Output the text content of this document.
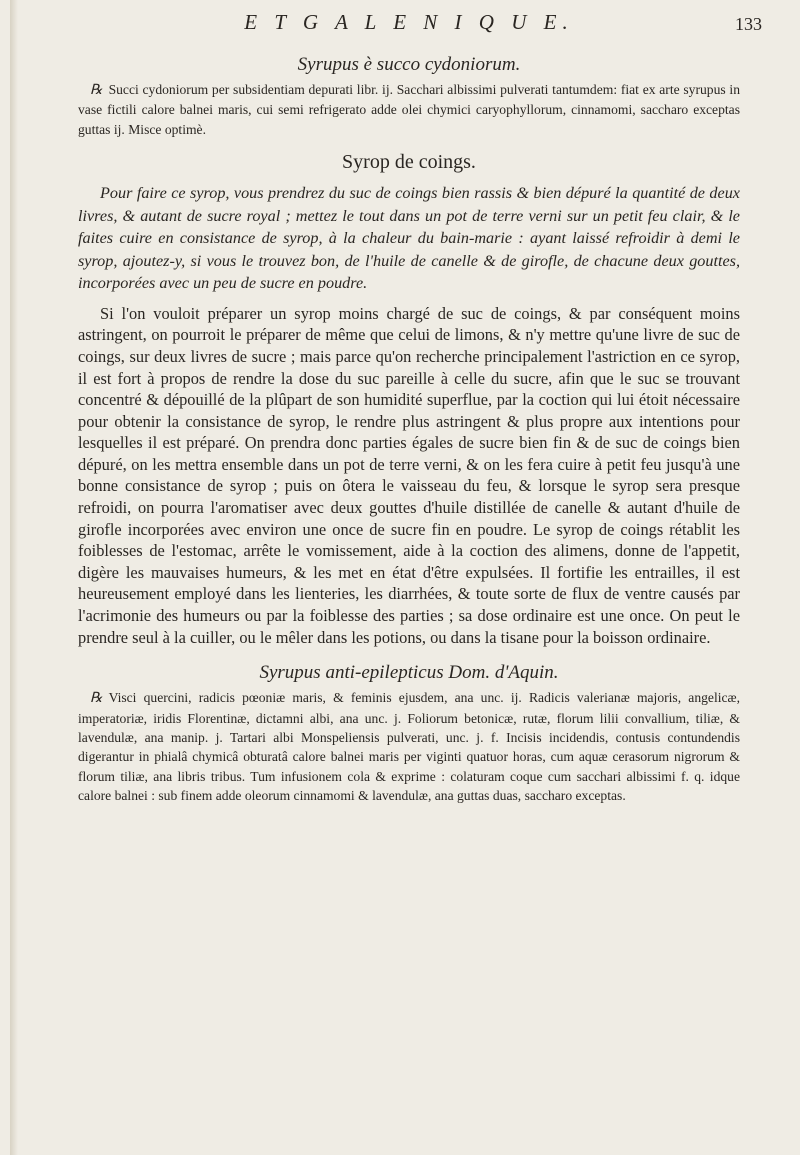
E T G A L E N I Q U E.	133
Syrupus è succo cydoniorum.

℞ Succi cydoniorum per subsidentiam depurati libr. ij. Sacchari albissimi pulverati tantumdem: fiat ex arte syrupus in vase fictili calore balnei maris, cui semi refrigerato adde olei chymici caryophyllorum, cinnamomi, saccharo exceptas guttas ij. Misce optimè.

Syrop de coings.

Pour faire ce syrop, vous prendrez du suc de coings bien rassis & bien dépuré la quantité de deux livres, & autant de sucre royal ; mettez le tout dans un pot de terre verni sur un petit feu clair, & le faites cuire en consistance de syrop, à la chaleur du bain-marie : ayant laissé refroidir à demi le syrop, ajoutez-y, si vous le trouvez bon, de l'huile de canelle & de girofle, de chacune deux gouttes, incorporées avec un peu de sucre en poudre.

Si l'on vouloit préparer un syrop moins chargé de suc de coings, & par conséquent moins astringent, on pourroit le préparer de même que celui de limons, & n'y mettre qu'une livre de suc de coings, sur deux livres de sucre ; mais parce qu'on recherche principalement l'astriction en ce syrop, il est fort à propos de rendre la dose du suc pareille à celle du sucre, afin que le suc se trouvant concentré & dépouillé de la plûpart de son humidité superflue, par la coction qui lui étoit nécessaire pour obtenir la consistance de syrop, le rendre plus astringent & plus propre aux intentions pour lesquelles il est préparé. On prendra donc parties égales de sucre bien fin & de suc de coings bien dépuré, on les mettra ensemble dans un pot de terre verni, & on les fera cuire à petit feu jusqu'à une bonne consistance de syrop ; puis on ôtera le vaisseau du feu, & lorsque le syrop sera presque refroidi, on pourra l'aromatiser avec deux gouttes d'huile distillée de canelle & autant d'huile de girofle incorporées avec environ une once de sucre fin en poudre. Le syrop de coings rétablit les foiblesses de l'estomac, arrête le vomissement, aide à la coction des alimens, donne de l'appetit, digère les mauvaises humeurs, & les met en état d'être expulsées. Il fortifie les entrailles, il est heureusement employé dans les lienteries, les diarrhées, & toute sorte de flux de ventre causés par l'acrimonie des humeurs ou par la foiblesse des parties ; sa dose ordinaire est une once. On peut le prendre seul à la cuiller, ou le mêler dans les potions, ou dans la tisane pour la boisson ordinaire.

Syrupus anti-epilepticus Dom. d'Aquin.

℞ Visci quercini, radicis pœoniæ maris, & feminis ejusdem, ana unc. ij. Radicis valerianæ majoris, angelicæ, imperatoriæ, iridis Florentinæ, dictamni albi, ana unc. j. Foliorum betonicæ, rutæ, florum lilii convallium, tiliæ, & lavendulæ, ana manip. j. Tartari albi Monspeliensis pulverati, unc. j. f. Incisis incidendis, contusis contundendis digerantur in phialâ chymicâ obturatâ calore balnei maris per viginti quatuor horas, cum aquæ cerasorum nigrorum & florum tiliæ, ana libris tribus. Tum infusionem cola & exprime : colaturam coque cum sacchari albissimi f. q. idque calore balnei : sub finem adde oleorum cinnamomi & lavendulæ, ana guttas duas, saccharo exceptas.
